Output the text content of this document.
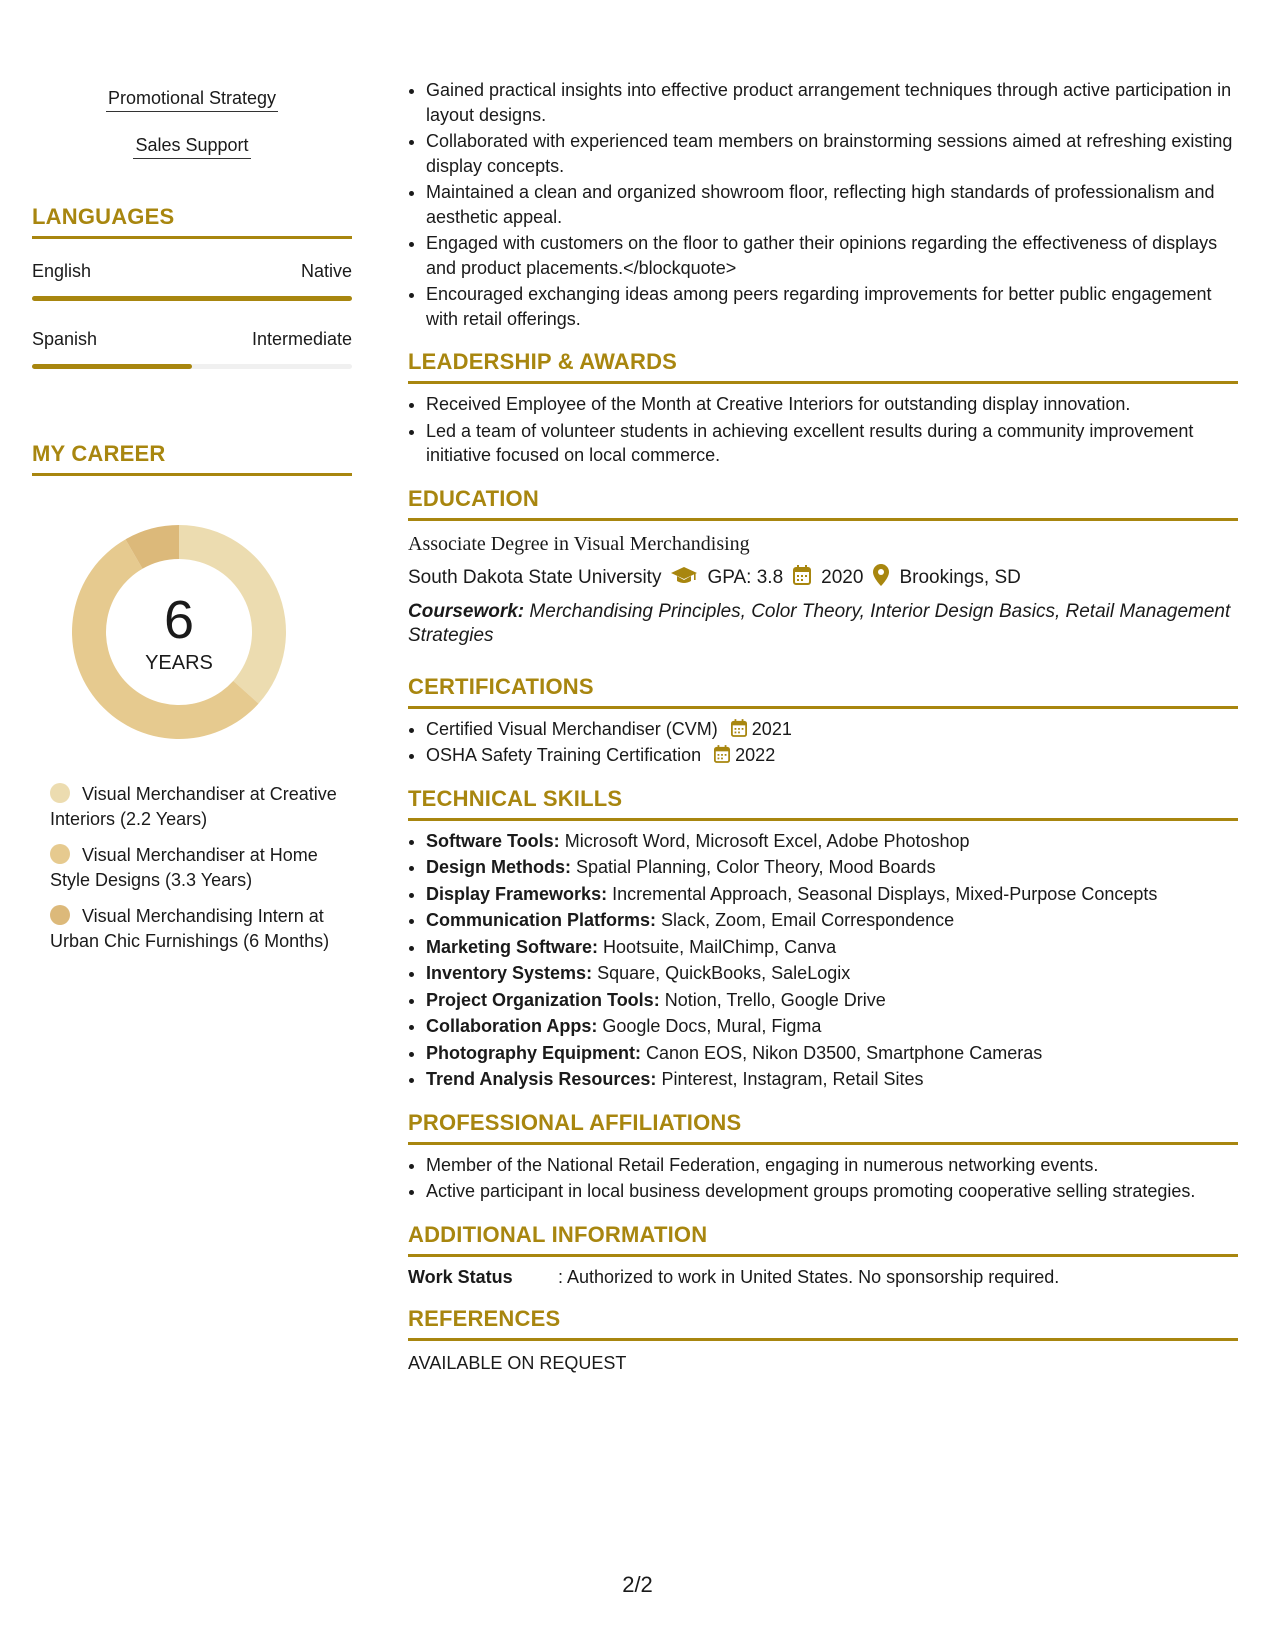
Promotional Strategy
Sales Support
LANGUAGES
English	Native
Spanish	Intermediate
MY CAREER
6
YEARS
Visual Merchandiser at Creative Interiors (2.2 Years)
Visual Merchandiser at Home Style Designs (3.3 Years)
Visual Merchandising Intern at Urban Chic Furnishings (6 Months)
• Gained practical insights into effective product arrangement techniques through active participation in layout designs.
• Collaborated with experienced team members on brainstorming sessions aimed at refreshing existing display concepts.
• Maintained a clean and organized showroom floor, reflecting high standards of professionalism and aesthetic appeal.
• Engaged with customers on the floor to gather their opinions regarding the effectiveness of displays and product placements.</blockquote>
• Encouraged exchanging ideas among peers regarding improvements for better public engagement with retail offerings.
LEADERSHIP & AWARDS
• Received Employee of the Month at Creative Interiors for outstanding display innovation.
• Led a team of volunteer students in achieving excellent results during a community improvement initiative focused on local commerce.
EDUCATION
Associate Degree in Visual Merchandising
South Dakota State University GPA: 3.8 2020 Brookings, SD
Coursework: Merchandising Principles, Color Theory, Interior Design Basics, Retail Management Strategies
CERTIFICATIONS
• Certified Visual Merchandiser (CVM) 2021
• OSHA Safety Training Certification 2022
TECHNICAL SKILLS
• Software Tools: Microsoft Word, Microsoft Excel, Adobe Photoshop
• Design Methods: Spatial Planning, Color Theory, Mood Boards
• Display Frameworks: Incremental Approach, Seasonal Displays, Mixed-Purpose Concepts
• Communication Platforms: Slack, Zoom, Email Correspondence
• Marketing Software: Hootsuite, MailChimp, Canva
• Inventory Systems: Square, QuickBooks, SaleLogix
• Project Organization Tools: Notion, Trello, Google Drive
• Collaboration Apps: Google Docs, Mural, Figma
• Photography Equipment: Canon EOS, Nikon D3500, Smartphone Cameras
• Trend Analysis Resources: Pinterest, Instagram, Retail Sites
PROFESSIONAL AFFILIATIONS
• Member of the National Retail Federation, engaging in numerous networking events.
• Active participant in local business development groups promoting cooperative selling strategies.
ADDITIONAL INFORMATION
Work Status	: Authorized to work in United States. No sponsorship required.
REFERENCES
AVAILABLE ON REQUEST
2/2
